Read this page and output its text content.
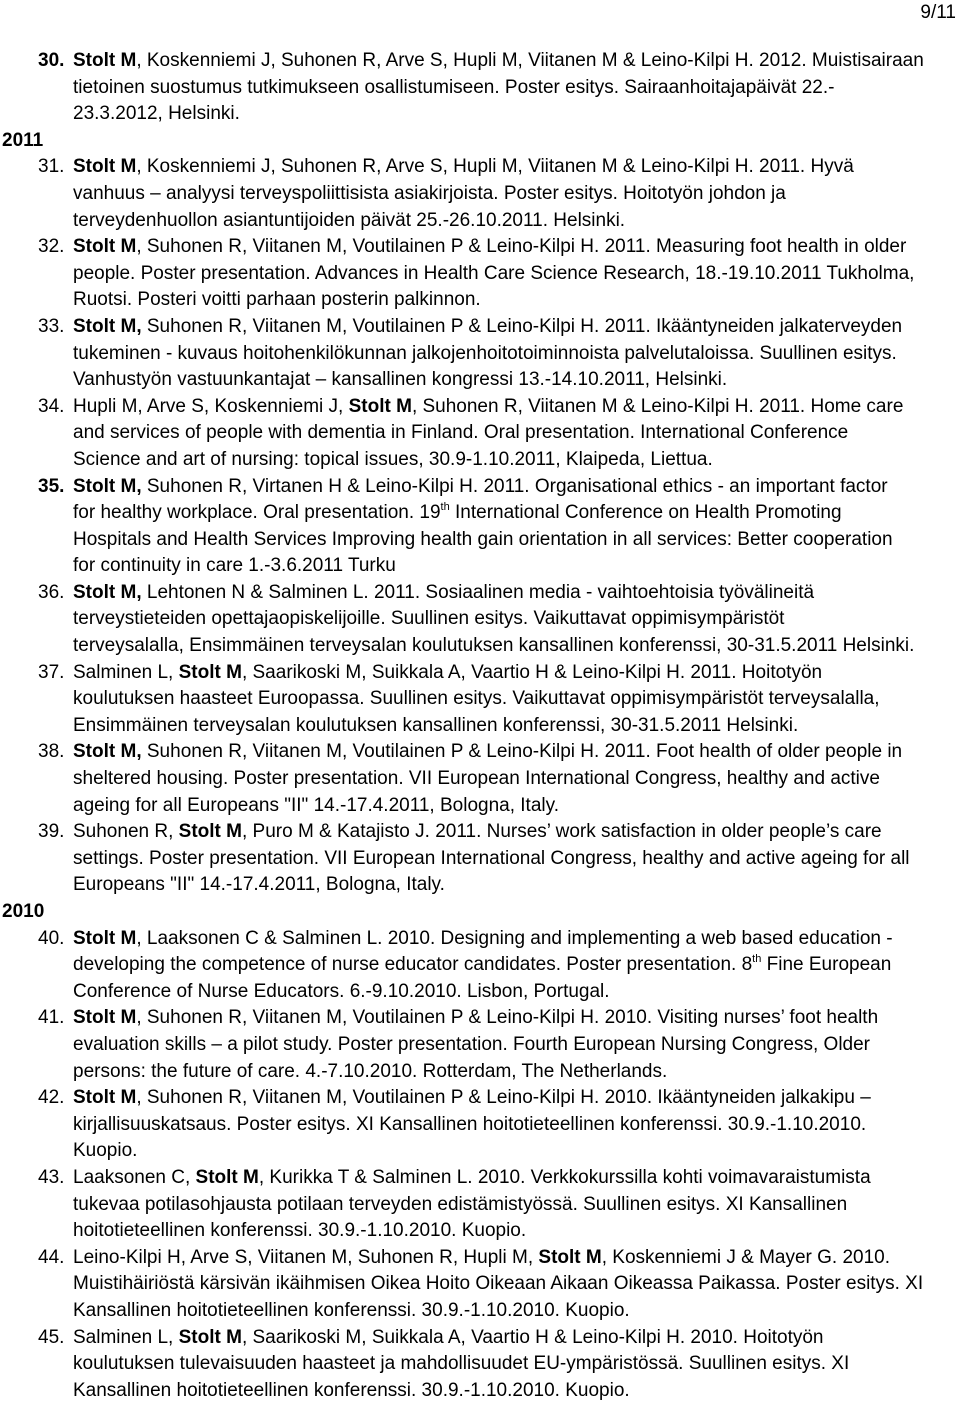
9/11
30. Stolt M, Koskenniemi J, Suhonen R, Arve S, Hupli M, Viitanen M & Leino-Kilpi H. 2012. Muistisairaan
tietoinen suostumus tutkimukseen osallistumiseen. Poster esitys. Sairaanhoitajapäivät 22.-
23.3.2012, Helsinki.
2011
31. Stolt M, Koskenniemi J, Suhonen R, Arve S, Hupli M, Viitanen M & Leino-Kilpi H. 2011. Hyvä
vanhuus – analyysi terveyspoliittisista asiakirjoista. Poster esitys. Hoitotyön johdon ja
terveydenhuollon asiantuntijoiden päivät 25.-26.10.2011. Helsinki.
32. Stolt M, Suhonen R, Viitanen M, Voutilainen P & Leino-Kilpi H. 2011. Measuring foot health in older
people. Poster presentation. Advances in Health Care Science Research, 18.-19.10.2011 Tukholma,
Ruotsi. Posteri voitti parhaan posterin palkinnon.
33. Stolt M, Suhonen R, Viitanen M, Voutilainen P & Leino-Kilpi H. 2011. Ikääntyneiden jalkaterveyden
tukeminen - kuvaus hoitohenkilökunnan jalkojenhoitotoiminnoista palvelutaloissa. Suullinen esitys.
Vanhustyön vastuunkantajat – kansallinen kongressi 13.-14.10.2011, Helsinki.
34. Hupli M, Arve S, Koskenniemi J, Stolt M, Suhonen R, Viitanen M & Leino-Kilpi H. 2011. Home care
and services of people with dementia in Finland. Oral presentation. International Conference
Science and art of nursing: topical issues, 30.9-1.10.2011, Klaipeda, Liettua.
35. Stolt M, Suhonen R, Virtanen H & Leino-Kilpi H. 2011. Organisational ethics - an important factor
for healthy workplace. Oral presentation. 19th International Conference on Health Promoting
Hospitals and Health Services Improving health gain orientation in all services: Better cooperation
for continuity in care 1.-3.6.2011 Turku
36. Stolt M, Lehtonen N & Salminen L. 2011. Sosiaalinen media - vaihtoehtoisia työvälineitä
terveystieteiden opettajaopiskelijoille. Suullinen esitys. Vaikuttavat oppimisympäristöt
terveysalalla, Ensimmäinen terveysalan koulutuksen kansallinen konferenssi, 30-31.5.2011 Helsinki.
37. Salminen L, Stolt M, Saarikoski M, Suikkala A, Vaartio H & Leino-Kilpi H. 2011. Hoitotyön
koulutuksen haasteet Euroopassa. Suullinen esitys. Vaikuttavat oppimisympäristöt terveysalalla,
Ensimmäinen terveysalan koulutuksen kansallinen konferenssi, 30-31.5.2011 Helsinki.
38. Stolt M, Suhonen R, Viitanen M, Voutilainen P & Leino-Kilpi H. 2011. Foot health of older people in
sheltered housing. Poster presentation. VII European International Congress, healthy and active
ageing for all Europeans "II" 14.-17.4.2011, Bologna, Italy.
39. Suhonen R, Stolt M, Puro M & Katajisto J. 2011. Nurses’ work satisfaction in older people’s care
settings. Poster presentation. VII European International Congress, healthy and active ageing for all
Europeans "II" 14.-17.4.2011, Bologna, Italy.
2010
40. Stolt M, Laaksonen C & Salminen L. 2010. Designing and implementing a web based education -
developing the competence of nurse educator candidates. Poster presentation. 8th Fine European
Conference of Nurse Educators. 6.-9.10.2010. Lisbon, Portugal.
41. Stolt M, Suhonen R, Viitanen M, Voutilainen P & Leino-Kilpi H. 2010. Visiting nurses’ foot health
evaluation skills – a pilot study. Poster presentation. Fourth European Nursing Congress, Older
persons: the future of care. 4.-7.10.2010. Rotterdam, The Netherlands.
42. Stolt M, Suhonen R, Viitanen M, Voutilainen P & Leino-Kilpi H. 2010. Ikääntyneiden jalkakipu –
kirjallisuuskatsaus. Poster esitys. XI Kansallinen hoitotieteellinen konferenssi. 30.9.-1.10.2010.
Kuopio.
43. Laaksonen C, Stolt M, Kurikka T & Salminen L. 2010. Verkkokurssilla kohti voimavaraistumista
tukevaa potilasohjausta potilaan terveyden edistämistyössä. Suullinen esitys. XI Kansallinen
hoitotieteellinen konferenssi. 30.9.-1.10.2010. Kuopio.
44. Leino-Kilpi H, Arve S, Viitanen M, Suhonen R, Hupli M, Stolt M, Koskenniemi J & Mayer G. 2010.
Muistihäiriöstä kärsivän ikäihmisen Oikea Hoito Oikeaan Aikaan Oikeassa Paikassa. Poster esitys. XI
Kansallinen hoitotieteellinen konferenssi. 30.9.-1.10.2010. Kuopio.
45. Salminen L, Stolt M, Saarikoski M, Suikkala A, Vaartio H & Leino-Kilpi H. 2010. Hoitotyön
koulutuksen tulevaisuuden haasteet ja mahdollisuudet EU-ympäristössä. Suullinen esitys. XI
Kansallinen hoitotieteellinen konferenssi. 30.9.-1.10.2010. Kuopio.
